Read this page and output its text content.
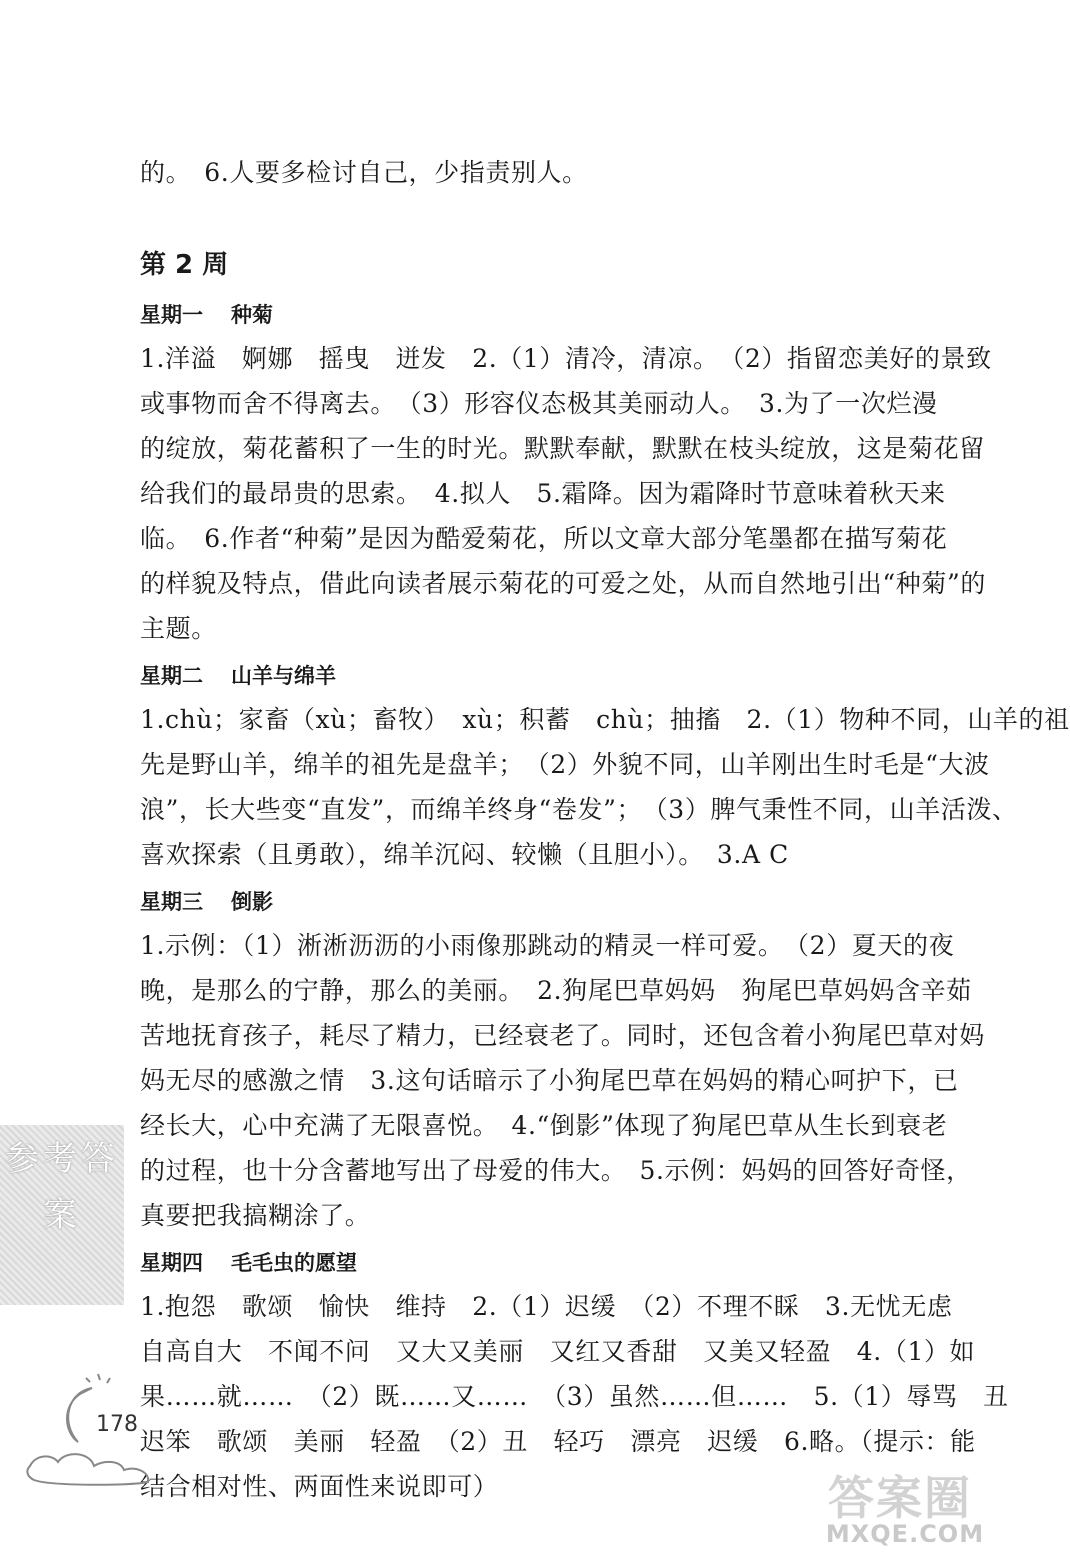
的。　6.人要多检讨自己，少指责别人。
第 2 周
星期一 种菊
1.洋溢　婀娜　摇曳　迸发　2.（1）清冷，清凉。　（2）指留恋美好的景致
或事物而舍不得离去。　（3）形容仪态极其美丽动人。　3.为了一次烂漫
的绽放，菊花蓄积了一生的时光。默默奉献，默默在枝头绽放，这是菊花留
给我们的最昂贵的思索。　4.拟人　5.霜降。因为霜降时节意味着秋天来
临。　6.作者“种菊”是因为酷爱菊花，所以文章大部分笔墨都在描写菊花
的样貌及特点，借此向读者展示菊花的可爱之处，从而自然地引出“种菊”的
主题。
星期二 山羊与绵羊
1.chù；家畜（xù；畜牧）　xù；积蓄　chù；抽搐　2.（1）物种不同，山羊的祖
先是野山羊，绵羊的祖先是盘羊；　（2）外貌不同，山羊刚出生时毛是“大波
浪”，长大些变“直发”，而绵羊终身“卷发”；　（3）脾气秉性不同，山羊活泼、
喜欢探索（且勇敢），绵羊沉闷、较懒（且胆小）。　3.A C
星期三 倒影
1.示例：（1）淅淅沥沥的小雨像那跳动的精灵一样可爱。　（2）夏天的夜
晚，是那么的宁静，那么的美丽。　2.狗尾巴草妈妈　狗尾巴草妈妈含辛茹
苦地抚育孩子，耗尽了精力，已经衰老了。同时，还包含着小狗尾巴草对妈
妈无尽的感激之情　3.这句话暗示了小狗尾巴草在妈妈的精心呵护下，已
经长大，心中充满了无限喜悦。　4.“倒影”体现了狗尾巴草从生长到衰老
的过程，也十分含蓄地写出了母爱的伟大。　5.示例：妈妈的回答好奇怪，
真要把我搞糊涂了。
星期四 毛毛虫的愿望
1.抱怨　歌颂　愉快　维持　2.（1）迟缓　（2）不理不睬　3.无忧无虑
自高自大　不闻不问　又大又美丽　又红又香甜　又美又轻盈　4.（1）如
果……就……　（2）既……又……　（3）虽然……但……　5.（1）辱骂　丑
迟笨　歌颂　美丽　轻盈　（2）丑　轻巧　漂亮　迟缓　6.略。（提示：能
结合相对性、两面性来说即可）
参考答案
178
答案圈
MXQE.COM
